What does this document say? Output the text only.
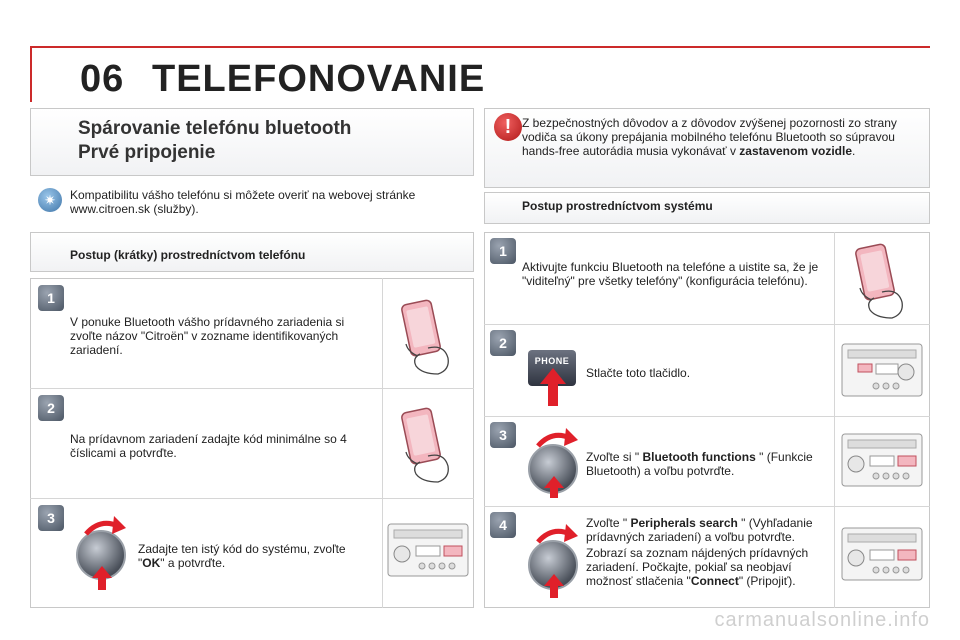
06 TELEFONOVANIE
Spárovanie telefónu bluetooth
Prvé pripojenie
! Z bezpečnostných dôvodov a z dôvodov zvýšenej pozornosti zo strany vodiča sa úkony prepájania mobilného telefónu Bluetooth so súpravou hands-free autorádia musia vykonávať v zastavenom vozidle.
✷	Kompatibilitu vášho telefónu si môžete overiť na webovej stránke www.citroen.sk (služby).
Postup (krátky) prostredníctvom telefónu
1
V ponuke Bluetooth vášho prídavného zariadenia si zvoľte názov "Citroën" v zozname identifikovaných zariadení.
2
Na prídavnom zariadení zadajte kód minimálne so 4 číslicami a potvrďte.
3
Zadajte ten istý kód do systému, zvoľte "OK" a potvrďte.
Postup prostredníctvom systému
1
Aktivujte funkciu Bluetooth na telefóne a uistite sa, že je "viditeľný" pre všetky telefóny" (konfigurácia telefónu).
2
PHONE
Stlačte toto tlačidlo.
3
Zvoľte si " Bluetooth functions " (Funkcie Bluetooth) a voľbu potvrďte.
4	Zvoľte " Peripherals search " (Vyhľadanie prídavných zariadení) a voľbu potvrďte.
Zobrazí sa zoznam nájdených prídavných zariadení. Počkajte, pokiaľ sa neobjaví možnosť stlačenia "Connect" (Pripojiť).
carmanualsonline.info
